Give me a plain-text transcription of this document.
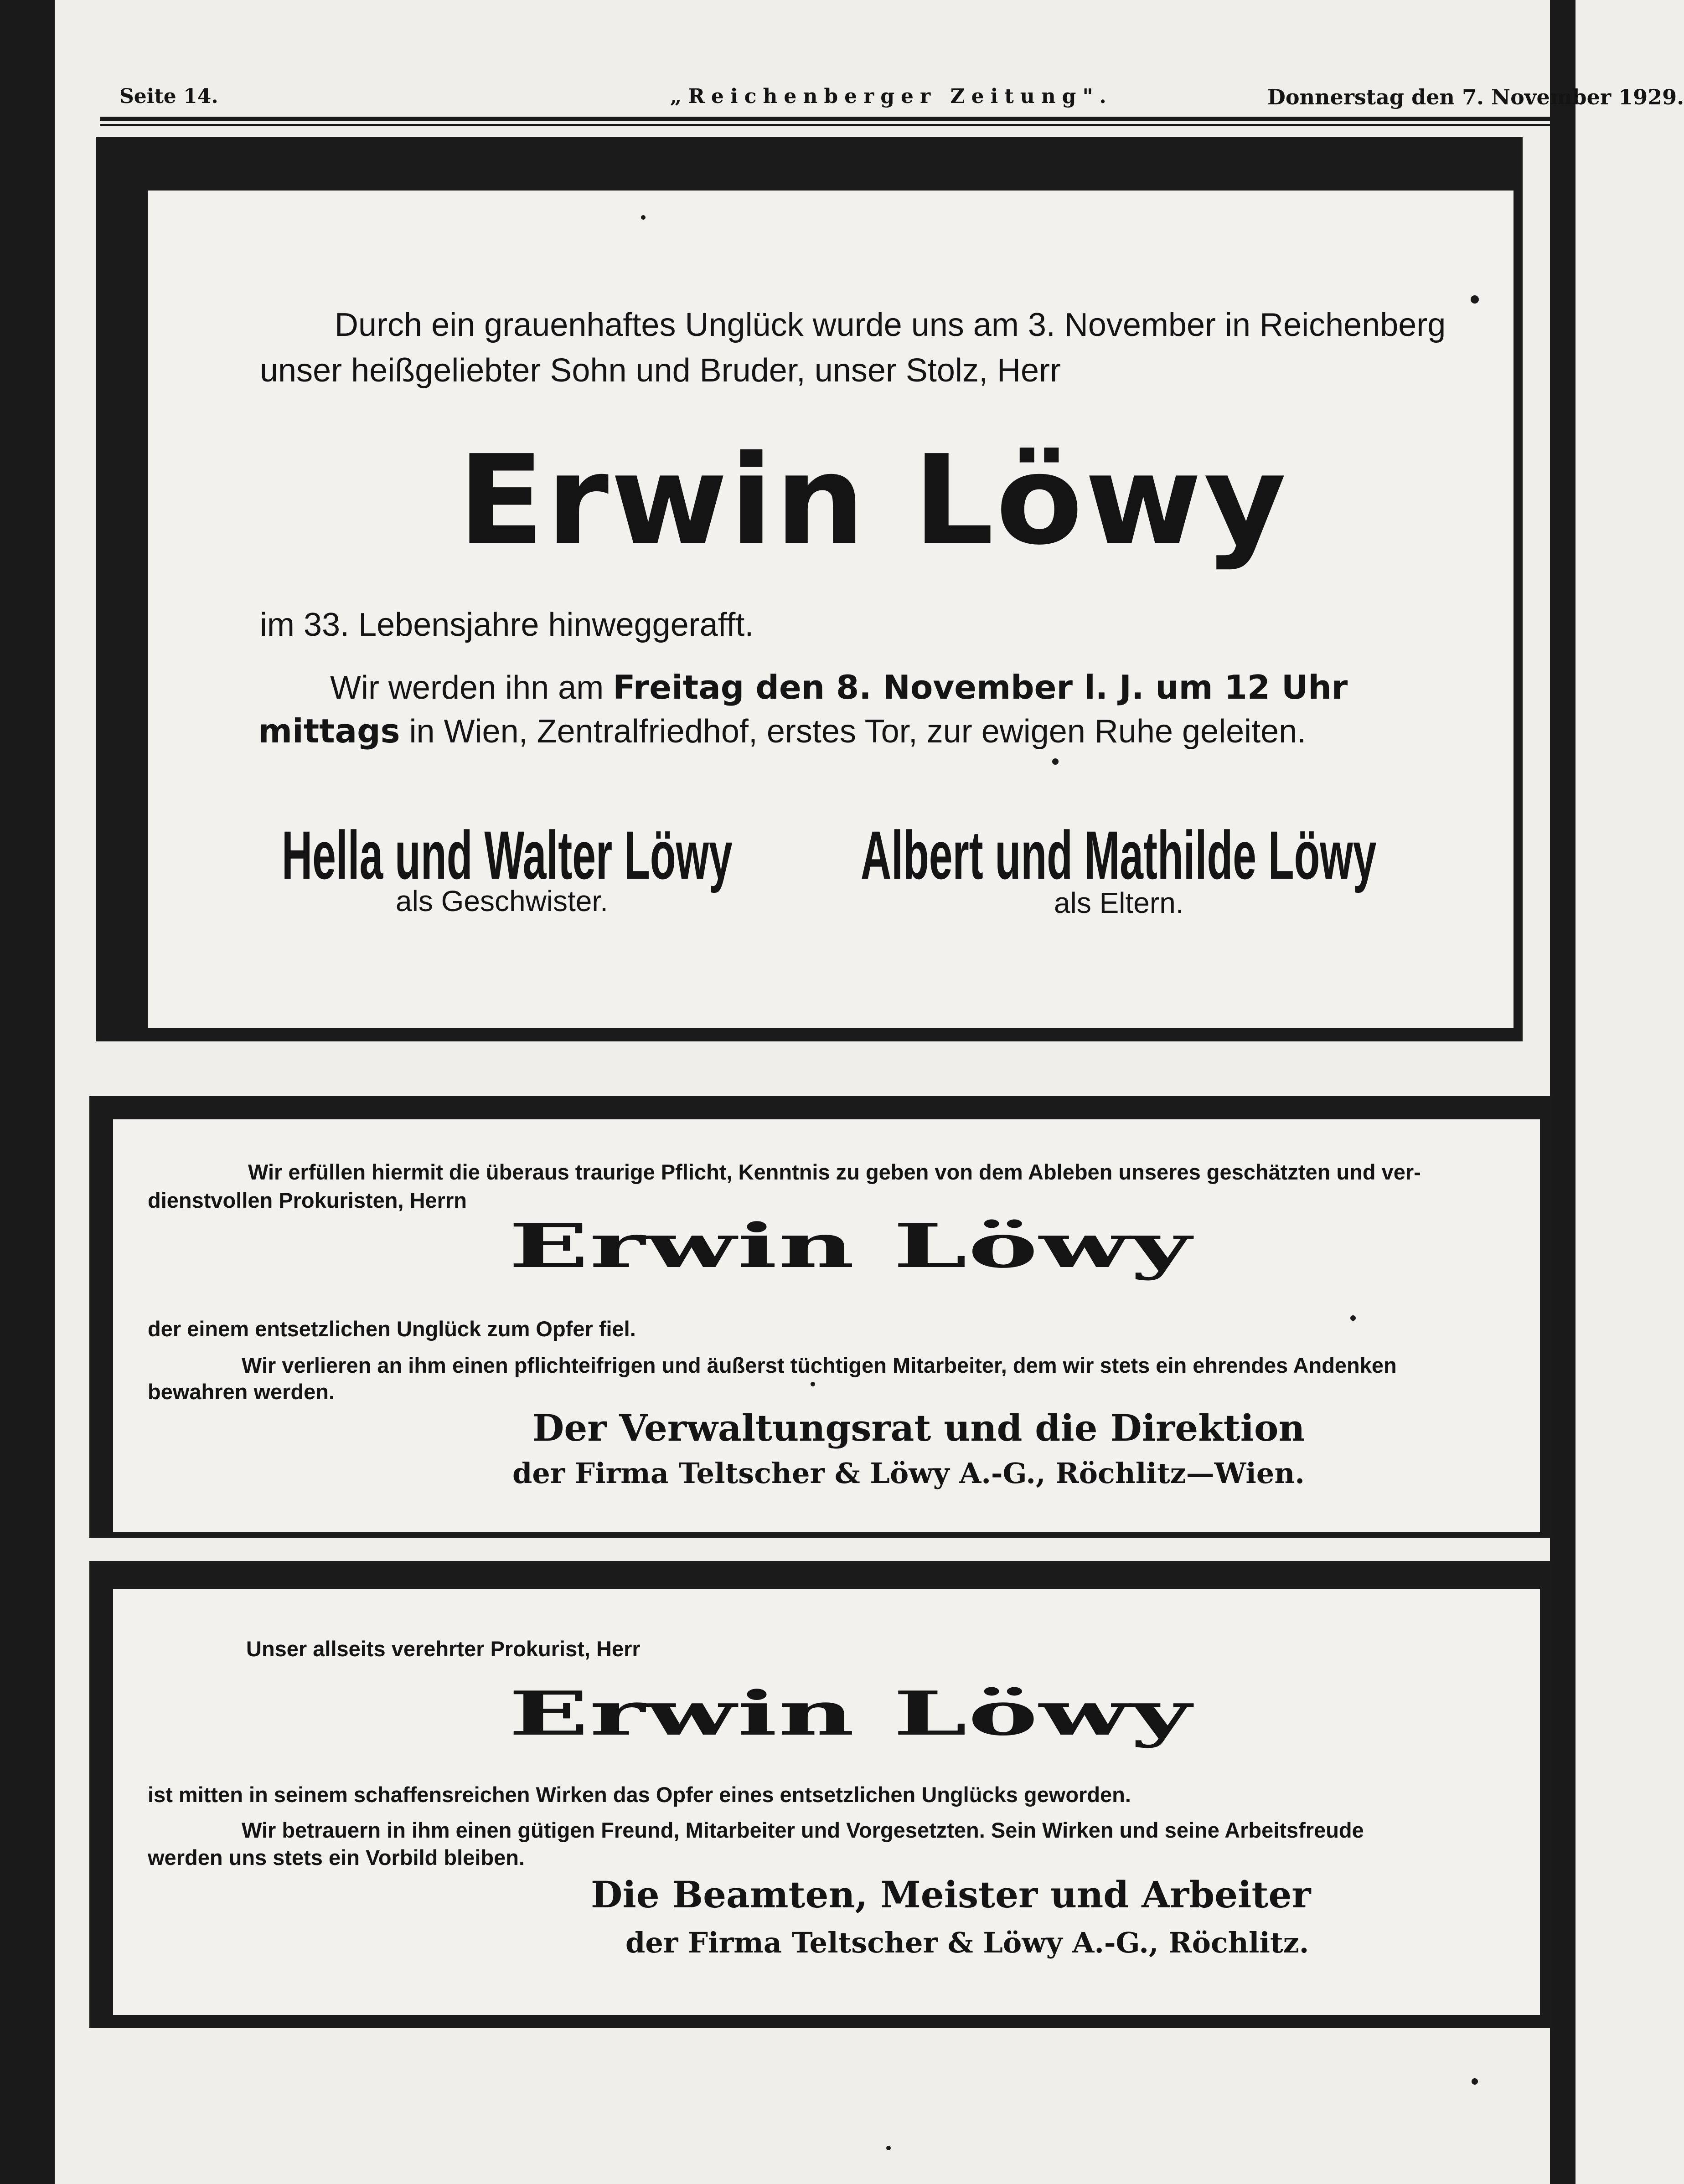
Seite 14.	„Reichenberger Zeitung".	Donnerstag den 7. November 1929.
Durch ein grauenhaftes Unglück wurde uns am 3. November in Reichenberg
unser heißgeliebter Sohn und Bruder, unser Stolz, Herr
Erwin Löwy
im 33. Lebensjahre hinweggerafft.
Wir werden ihn am Freitag den 8. November l. J. um 12 Uhr
mittags in Wien, Zentralfriedhof, erstes Tor, zur ewigen Ruhe geleiten.
Hella und Walter Löwy Albert und Mathilde Löwy
als Geschwister.	als Eltern.
Wir erfüllen hiermit die überaus traurige Pflicht, Kenntnis zu geben von dem Ableben unseres geschätzten und ver-
dienstvollen Prokuristen, Herrn
Erwin Löwy
der einem entsetzlichen Unglück zum Opfer fiel.
Wir verlieren an ihm einen pflichteifrigen und äußerst tüchtigen Mitarbeiter, dem wir stets ein ehrendes Andenken
bewahren werden.
Der Verwaltungsrat und die Direktion
der Firma Teltscher & Löwy A.-G., Röchlitz—Wien.
Unser allseits verehrter Prokurist, Herr
Erwin Löwy
ist mitten in seinem schaffensreichen Wirken das Opfer eines entsetzlichen Unglücks geworden.
Wir betrauern in ihm einen gütigen Freund, Mitarbeiter und Vorgesetzten. Sein Wirken und seine Arbeitsfreude
werden uns stets ein Vorbild bleiben.
Die Beamten, Meister und Arbeiter
der Firma Teltscher & Löwy A.-G., Röchlitz.
